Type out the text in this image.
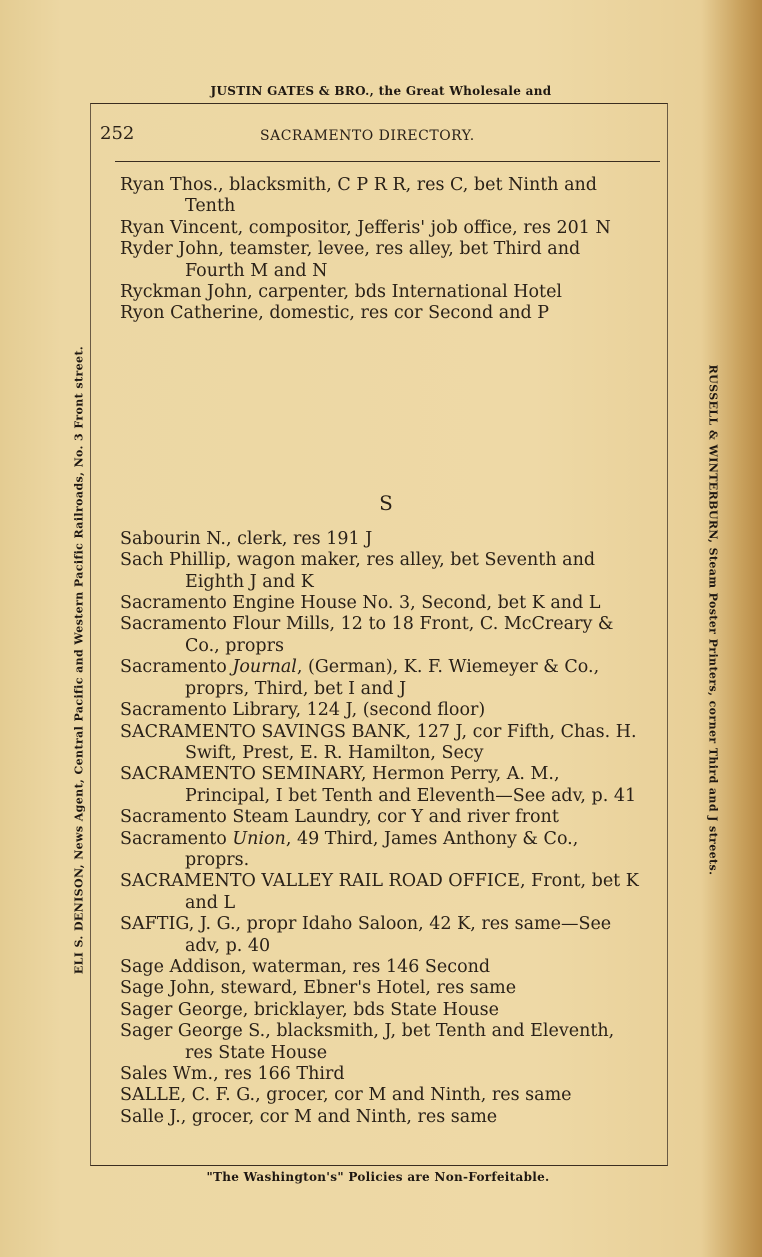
JUSTIN GATES & BRO., the Great Wholesale and
ELI S. DENISON, News Agent, Central Pacific and Western Pacific Railroads, No. 3 Front street.	RUSSELL & WINTERBURN, Steam Poster Printers, corner Third and J streets.
252	SACRAMENTO DIRECTORY.
Ryan Thos., blacksmith, C P R R, res C, bet Ninth and Tenth
Ryan Vincent, compositor, Jefferis' job office, res 201 N
Ryder John, teamster, levee, res alley, bet Third and Fourth M and N
Ryckman John, carpenter, bds International Hotel
Ryon Catherine, domestic, res cor Second and P
S
Sabourin N., clerk, res 191 J
Sach Phillip, wagon maker, res alley, bet Seventh and Eighth J and K
Sacramento Engine House No. 3, Second, bet K and L
Sacramento Flour Mills, 12 to 18 Front, C. McCreary & Co., proprs
Sacramento Journal, (German), K. F. Wiemeyer & Co., proprs, Third, bet I and J
Sacramento Library, 124 J, (second floor)
SACRAMENTO SAVINGS BANK, 127 J, cor Fifth, Chas. H. Swift, Prest, E. R. Hamilton, Secy
SACRAMENTO SEMINARY, Hermon Perry, A. M., Principal, I bet Tenth and Eleventh—See adv, p. 41
Sacramento Steam Laundry, cor Y and river front
Sacramento Union, 49 Third, James Anthony & Co., proprs.
SACRAMENTO VALLEY RAIL ROAD OFFICE, Front, bet K and L
SAFTIG, J. G., propr Idaho Saloon, 42 K, res same—See adv, p. 40
Sage Addison, waterman, res 146 Second
Sage John, steward, Ebner's Hotel, res same
Sager George, bricklayer, bds State House
Sager George S., blacksmith, J, bet Tenth and Eleventh, res State House
Sales Wm., res 166 Third
SALLE, C. F. G., grocer, cor M and Ninth, res same
Salle J., grocer, cor M and Ninth, res same
"The Washington's" Policies are Non-Forfeitable.
